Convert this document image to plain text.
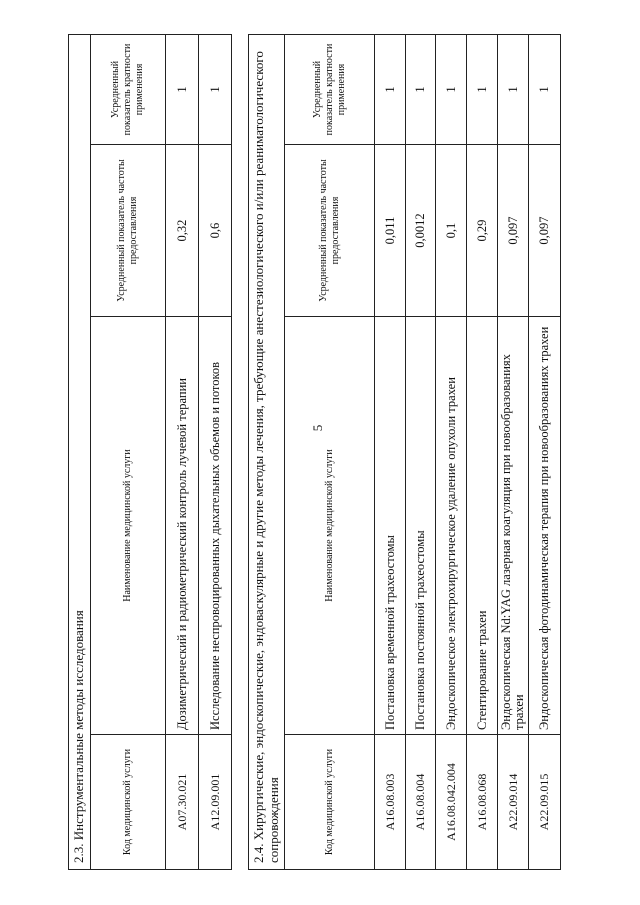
5
2.3. Инструментальные методы исследования			
Код медицинской услуги	Наименование медицинской услуги	Усредненный показатель частоты предоставления	Усредненный показатель кратности применения
A07.30.021	Дозиметрический и радиометрический контроль лучевой терапии	0,32	1
A12.09.001	Исследование неспровоцированных дыхательных объемов и потоков	0,6	1 2.4. Хирургические, эндоскопические, эндоваскулярные и другие методы лечения, требующие анестезиологического и/или реаниматологического сопровождения			
Код медицинской услуги	Наименование медицинской услуги	Усредненный показатель частоты предоставления	Усредненный показатель кратности применения
A16.08.003	Постановка временной трахеостомы	0,011	1
A16.08.004	Постановка постоянной трахеостомы	0,0012	1
A16.08.042.004	Эндоскопическое электрохирургическое удаление опухоли трахеи	0,1	1
A16.08.068	Стентирование трахеи	0,29	1
A22.09.014	Эндоскопическая Nd:YAG лазерная коагуляция при новообразованиях трахеи	0,097	1
A22.09.015	Эндоскопическая фотодинамическая терапия при новообразованиях трахеи	0,097	1
